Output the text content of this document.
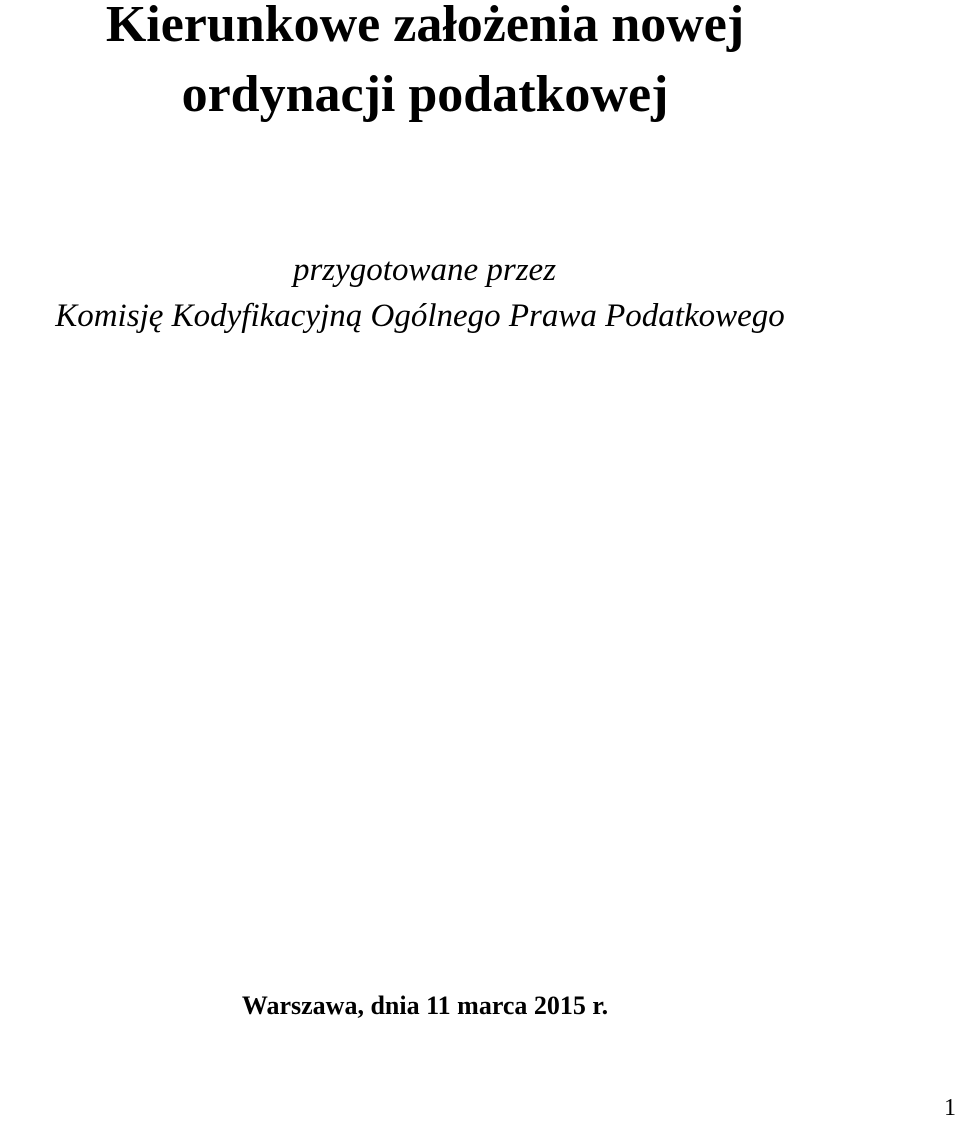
Kierunkowe założenia nowej
ordynacji podatkowej
przygotowane przez
Komisję Kodyfikacyjną Ogólnego Prawa Podatkowego
Warszawa, dnia 11 marca 2015 r.
1
